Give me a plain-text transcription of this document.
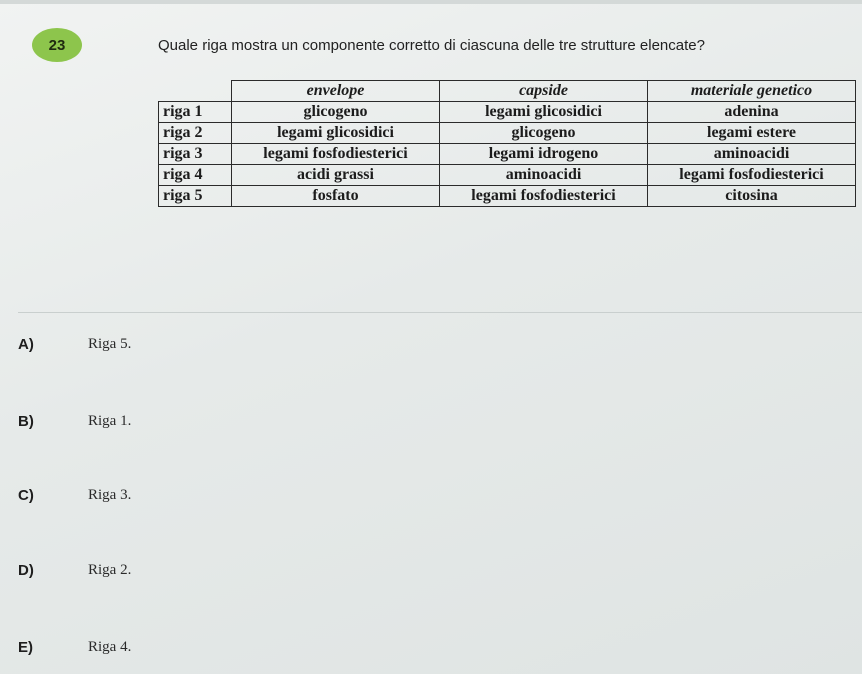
23	Quale riga mostra un componente corretto di ciascuna delle tre strutture elencate?
	envelope	capside	materiale genetico
riga 1	glicogeno	legami glicosidici	adenina
riga 2	legami glicosidici	glicogeno	legami estere
riga 3	legami fosfodiesterici	legami idrogeno	aminoacidi
riga 4	acidi grassi	aminoacidi	legami fosfodiesterici
riga 5	fosfato	legami fosfodiesterici	citosina
A)	Riga 5.
B)	Riga 1.
C)	Riga 3.
D)	Riga 2.
E)	Riga 4.
